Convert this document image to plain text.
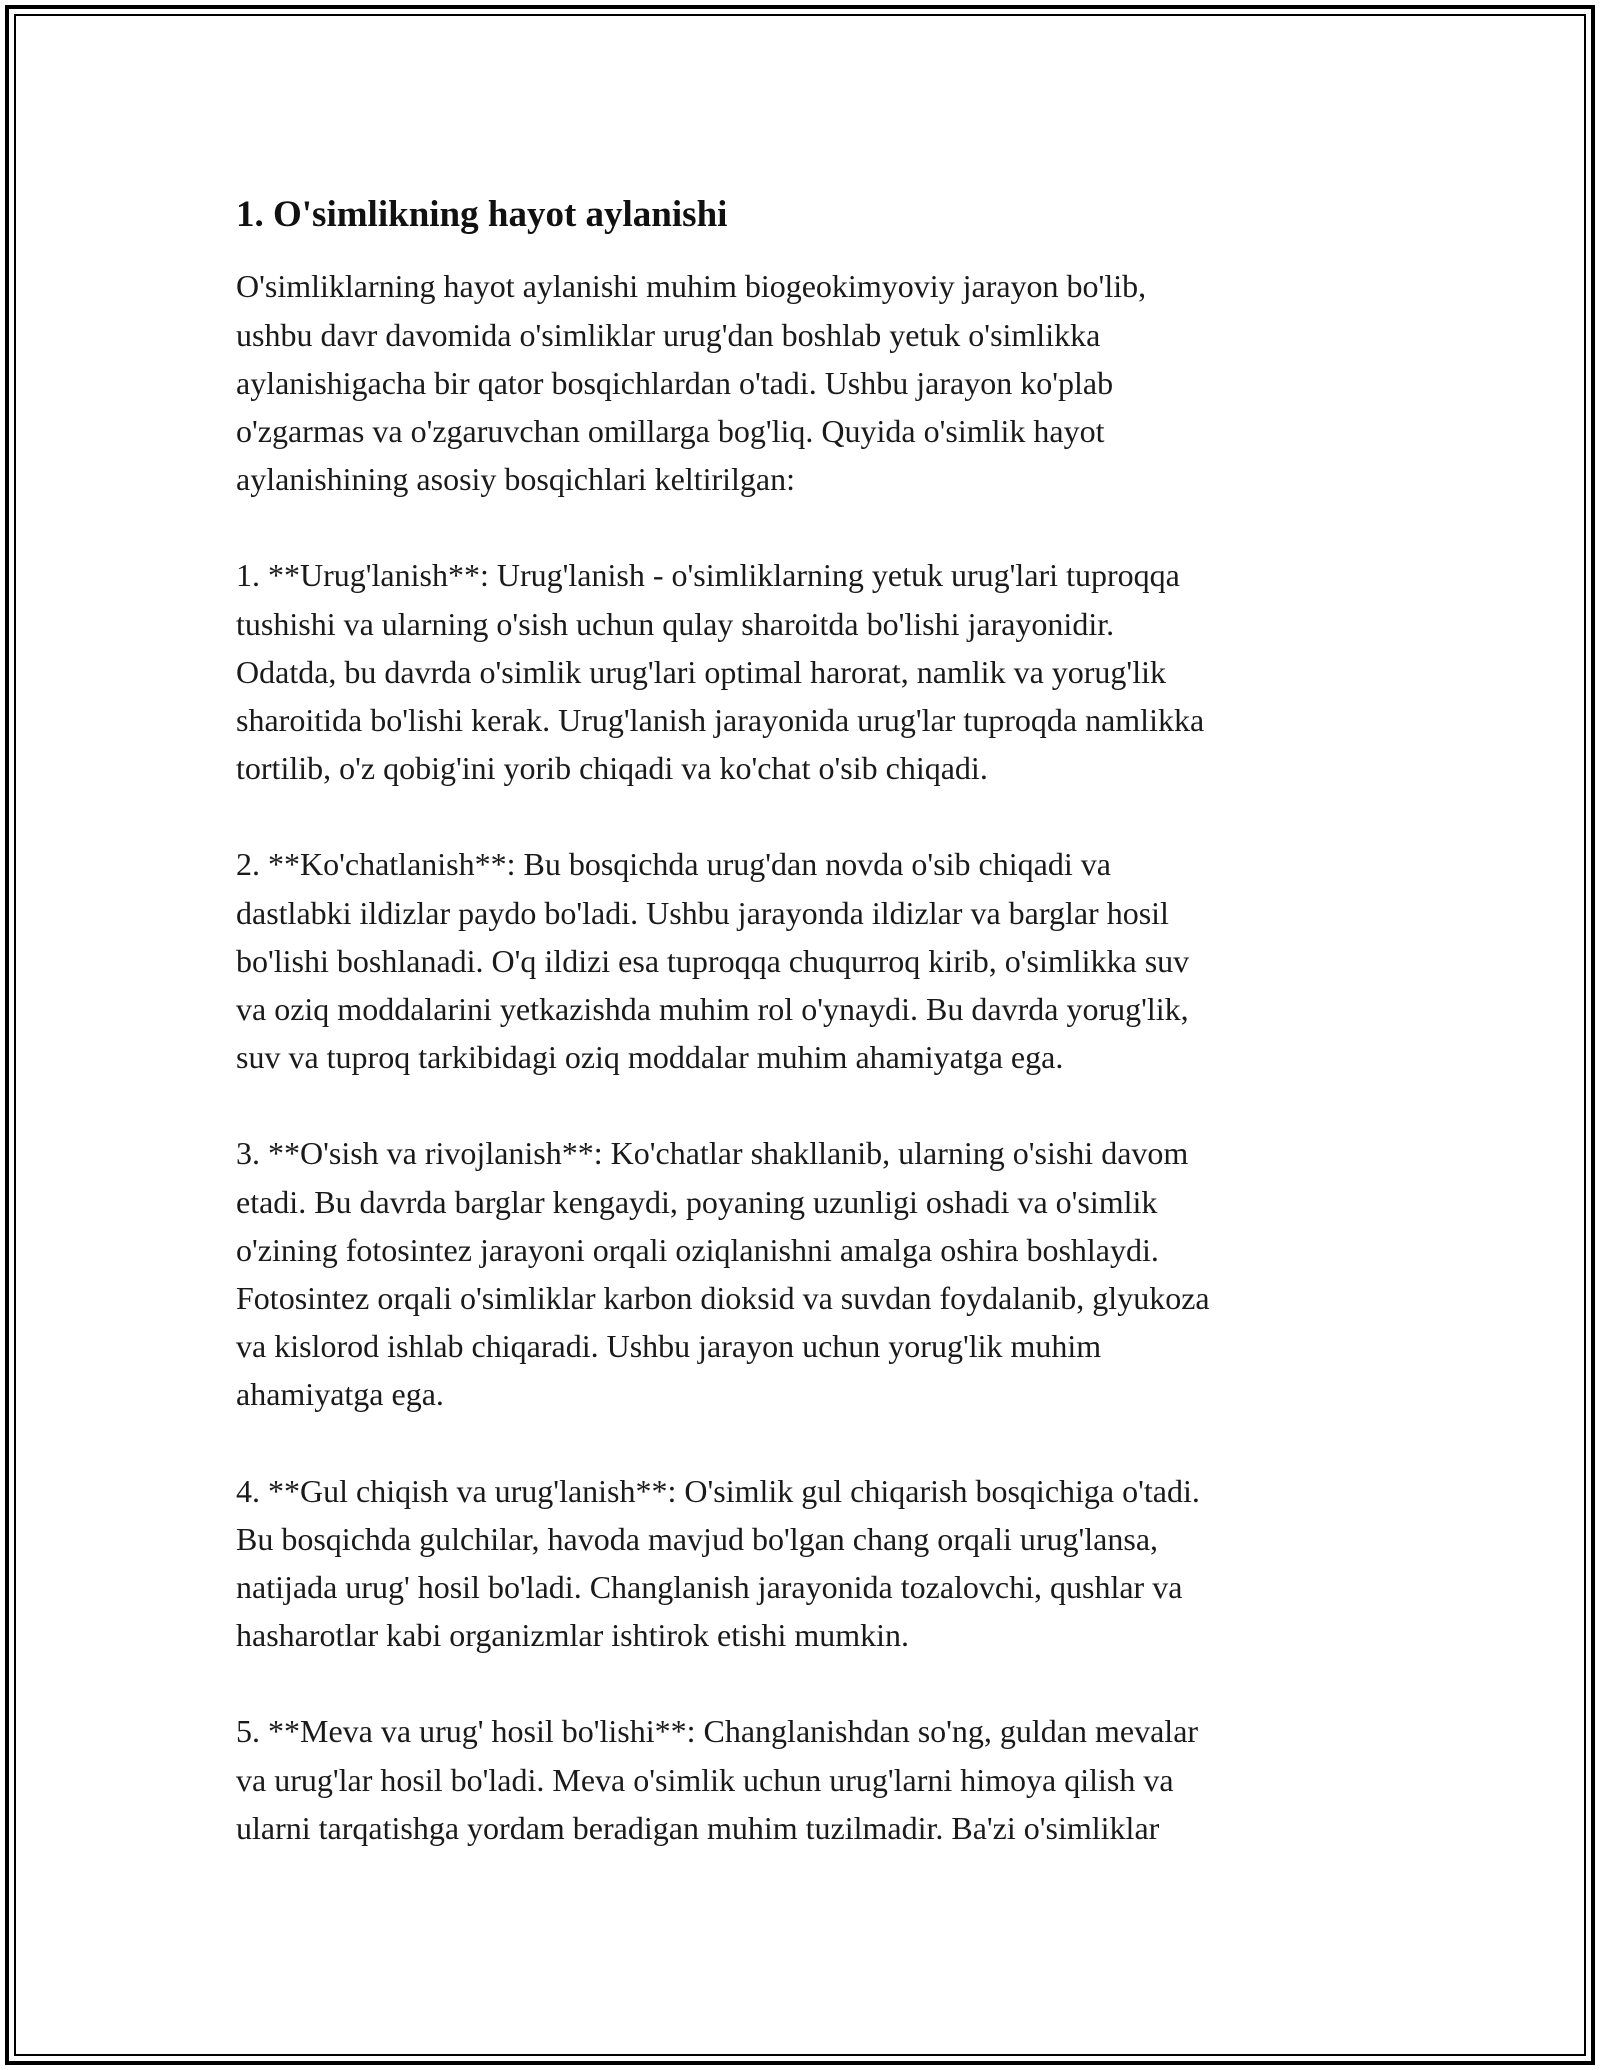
1. O'simlikning hayot aylanishi

O'simliklarning hayot aylanishi muhim biogeokimyoviy jarayon bo'lib,
ushbu davr davomida o'simliklar urug'dan boshlab yetuk o'simlikka
aylanishigacha bir qator bosqichlardan o'tadi. Ushbu jarayon ko'plab
o'zgarmas va o'zgaruvchan omillarga bog'liq. Quyida o'simlik hayot
aylanishining asosiy bosqichlari keltirilgan:

1. **Urug'lanish**: Urug'lanish - o'simliklarning yetuk urug'lari tuproqqa
tushishi va ularning o'sish uchun qulay sharoitda bo'lishi jarayonidir.
Odatda, bu davrda o'simlik urug'lari optimal harorat, namlik va yorug'lik
sharoitida bo'lishi kerak. Urug'lanish jarayonida urug'lar tuproqda namlikka
tortilib, o'z qobig'ini yorib chiqadi va ko'chat o'sib chiqadi.

2. **Ko'chatlanish**: Bu bosqichda urug'dan novda o'sib chiqadi va
dastlabki ildizlar paydo bo'ladi. Ushbu jarayonda ildizlar va barglar hosil
bo'lishi boshlanadi. O'q ildizi esa tuproqqa chuqurroq kirib, o'simlikka suv
va oziq moddalarini yetkazishda muhim rol o'ynaydi. Bu davrda yorug'lik,
suv va tuproq tarkibidagi oziq moddalar muhim ahamiyatga ega.

3. **O'sish va rivojlanish**: Ko'chatlar shakllanib, ularning o'sishi davom
etadi. Bu davrda barglar kengaydi, poyaning uzunligi oshadi va o'simlik
o'zining fotosintez jarayoni orqali oziqlanishni amalga oshira boshlaydi.
Fotosintez orqali o'simliklar karbon dioksid va suvdan foydalanib, glyukoza
va kislorod ishlab chiqaradi. Ushbu jarayon uchun yorug'lik muhim
ahamiyatga ega.

4. **Gul chiqish va urug'lanish**: O'simlik gul chiqarish bosqichiga o'tadi.
Bu bosqichda gulchilar, havoda mavjud bo'lgan chang orqali urug'lansa,
natijada urug' hosil bo'ladi. Changlanish jarayonida tozalovchi, qushlar va
hasharotlar kabi organizmlar ishtirok etishi mumkin.

5. **Meva va urug' hosil bo'lishi**: Changlanishdan so'ng, guldan mevalar
va urug'lar hosil bo'ladi. Meva o'simlik uchun urug'larni himoya qilish va
ularni tarqatishga yordam beradigan muhim tuzilmadir. Ba'zi o'simliklar
